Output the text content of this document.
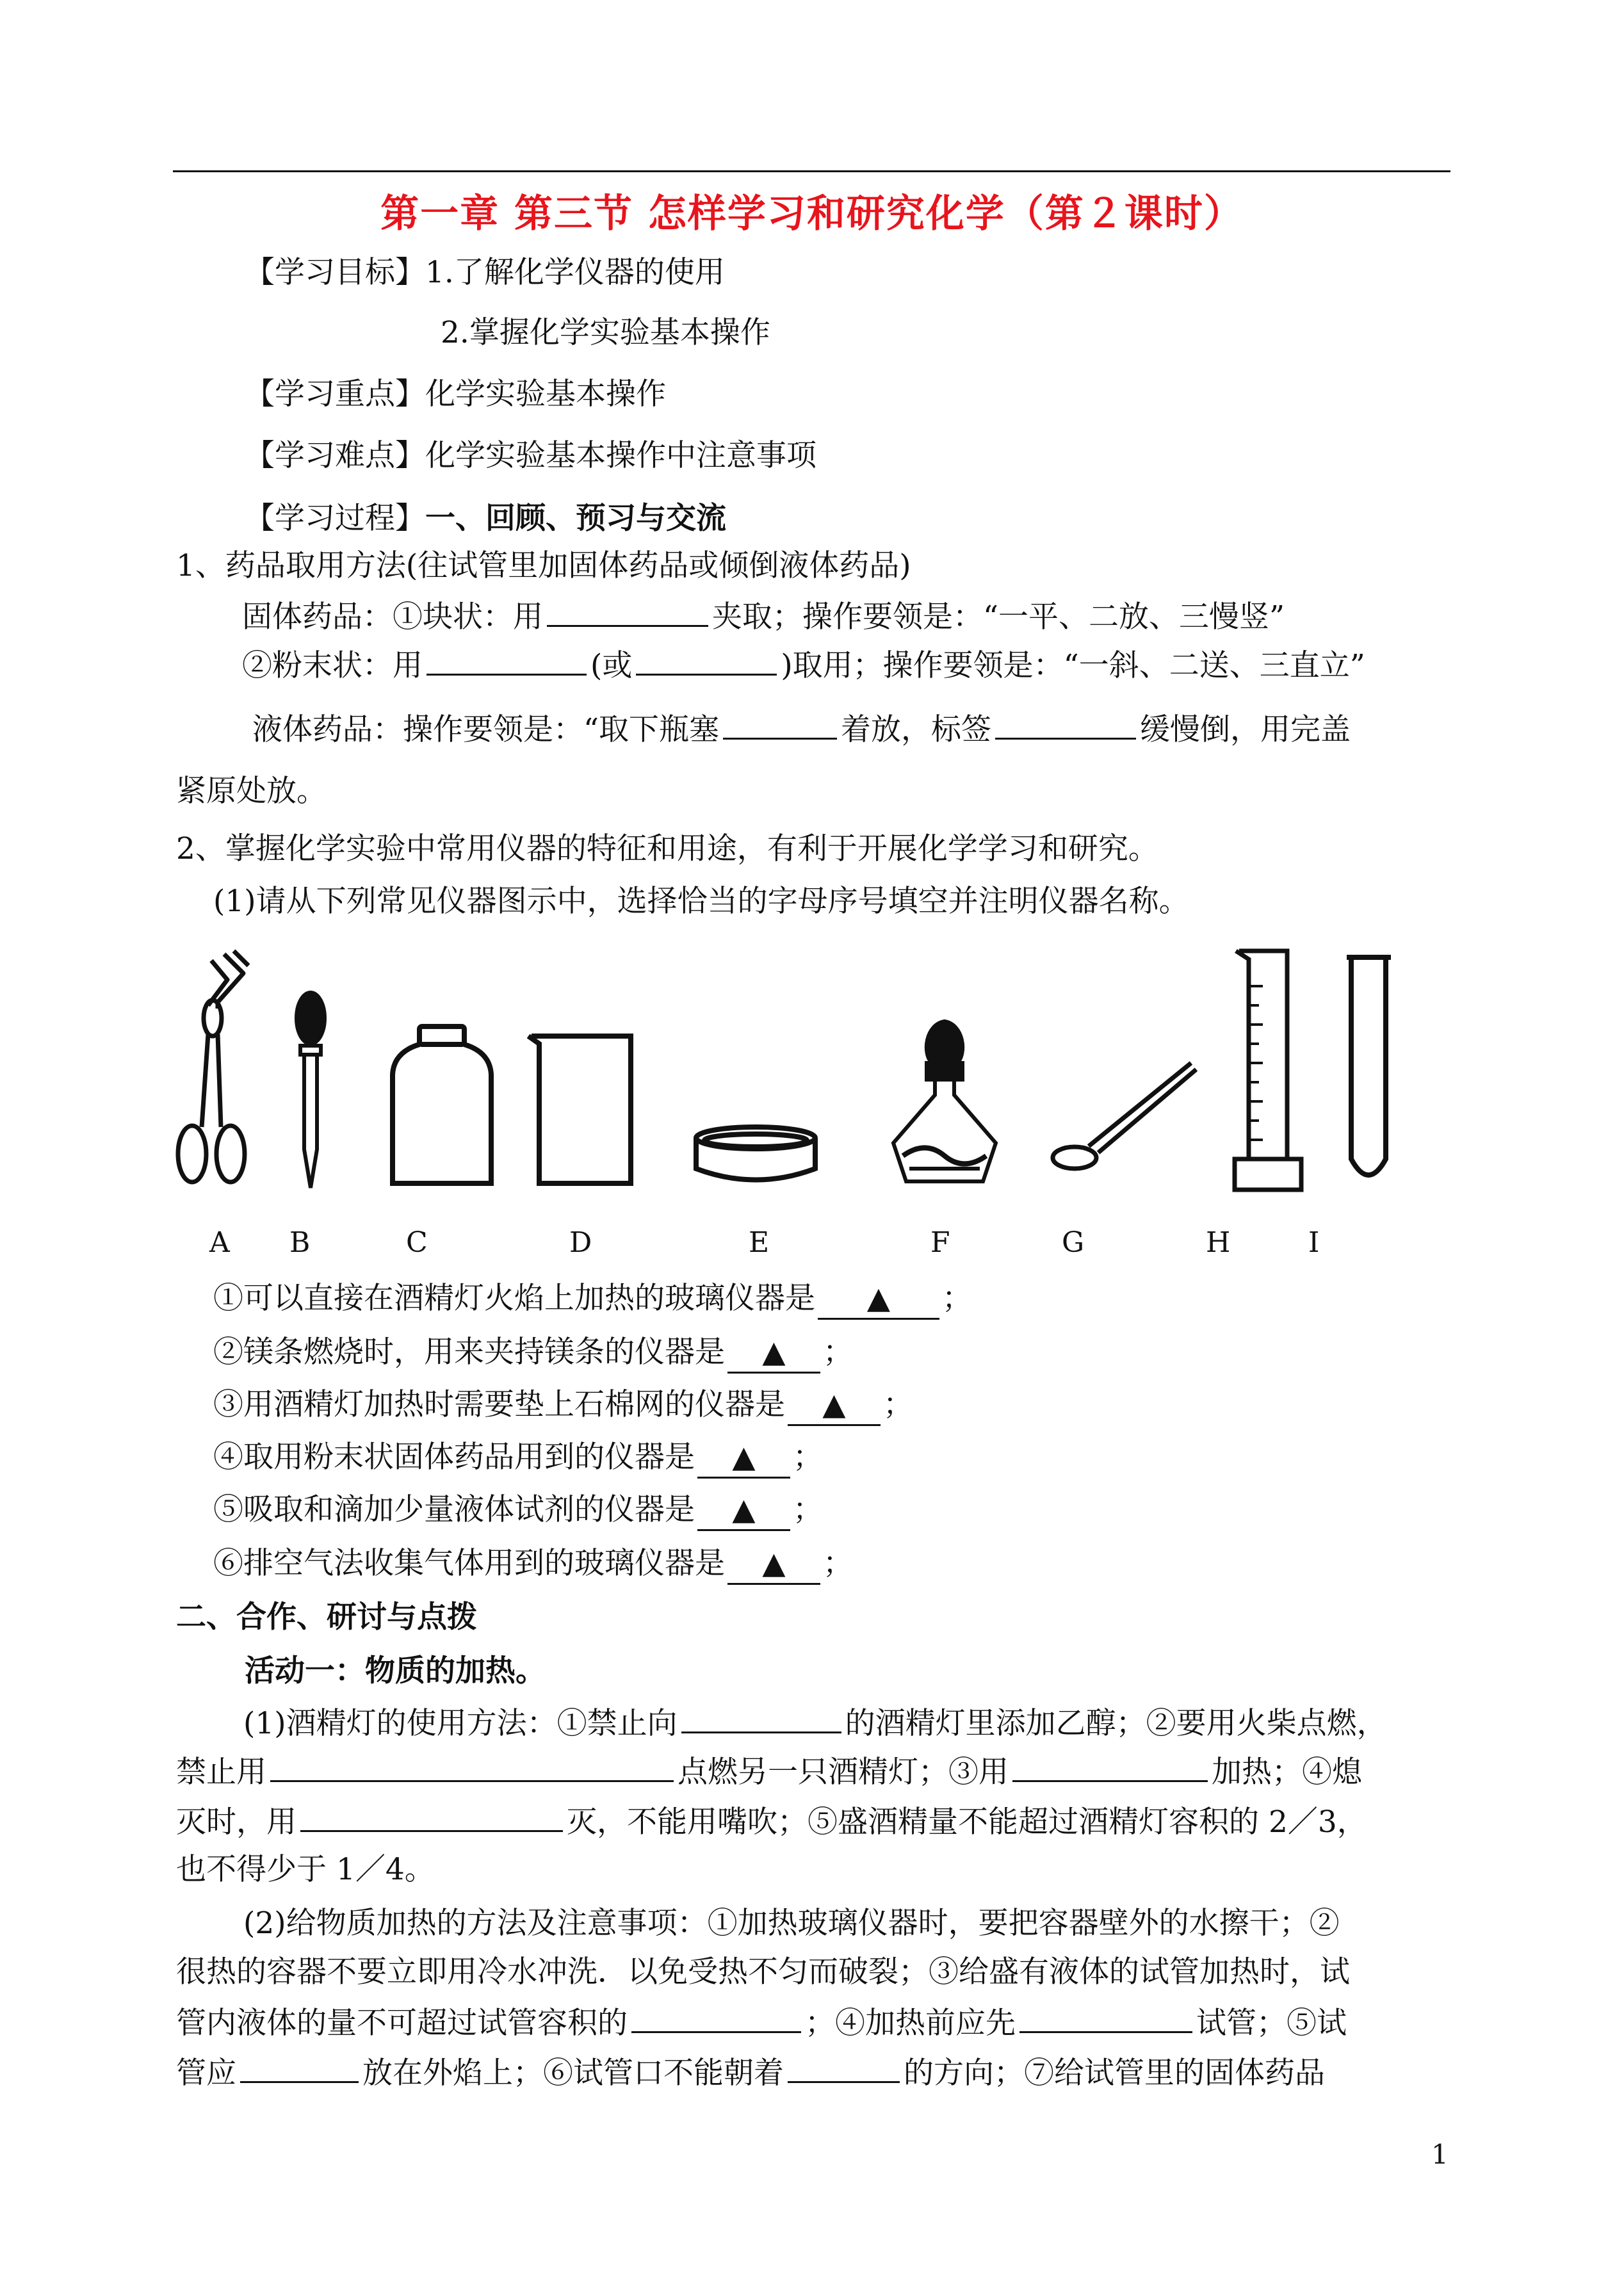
第一章 第三节 怎样学习和研究化学（第２课时）
【学习目标】1.了解化学仪器的使用
2.掌握化学实验基本操作
【学习重点】化学实验基本操作
【学习难点】化学实验基本操作中注意事项
【学习过程】一、回顾、预习与交流
1、药品取用方法(往试管里加固体药品或倾倒液体药品)
固体药品：①块状：用	夹取；操作要领是：“一平、二放、三慢竖”
②粉末状：用	(或	)取用；操作要领是：“一斜、二送、三直立”
液体药品：操作要领是：“取下瓶塞	着放，标签	缓慢倒，用完盖
紧原处放。
2、掌握化学实验中常用仪器的特征和用途，有利于开展化学学习和研究。
(1)请从下列常见仪器图示中，选择恰当的字母序号填空并注明仪器名称。
A B	C	D	E	F	G	H	I
①可以直接在酒精灯火焰上加热的玻璃仪器是 ▲ ；
②镁条燃烧时，用来夹持镁条的仪器是 ▲ ；
③用酒精灯加热时需要垫上石棉网的仪器是 ▲ ；
④取用粉末状固体药品用到的仪器是 ▲ ；
⑤吸取和滴加少量液体试剂的仪器是 ▲ ；
⑥排空气法收集气体用到的玻璃仪器是 ▲ ；
二、合作、研讨与点拨
活动一：物质的加热。
(1)酒精灯的使用方法：①禁止向	的酒精灯里添加乙醇；②要用火柴点燃，
禁止用	点燃另一只酒精灯；③用	加热；④熄
灭时，用	灭，不能用嘴吹；⑤盛酒精量不能超过酒精灯容积的 2／3，
也不得少于 1／4。
(2)给物质加热的方法及注意事项：①加热玻璃仪器时，要把容器壁外的水擦干；②
很热的容器不要立即用冷水冲洗．以免受热不匀而破裂；③给盛有液体的试管加热时，试
管内液体的量不可超过试管容积的	；④加热前应先	试管；⑤试
管应	放在外焰上；⑥试管口不能朝着	的方向；⑦给试管里的固体药品
1
